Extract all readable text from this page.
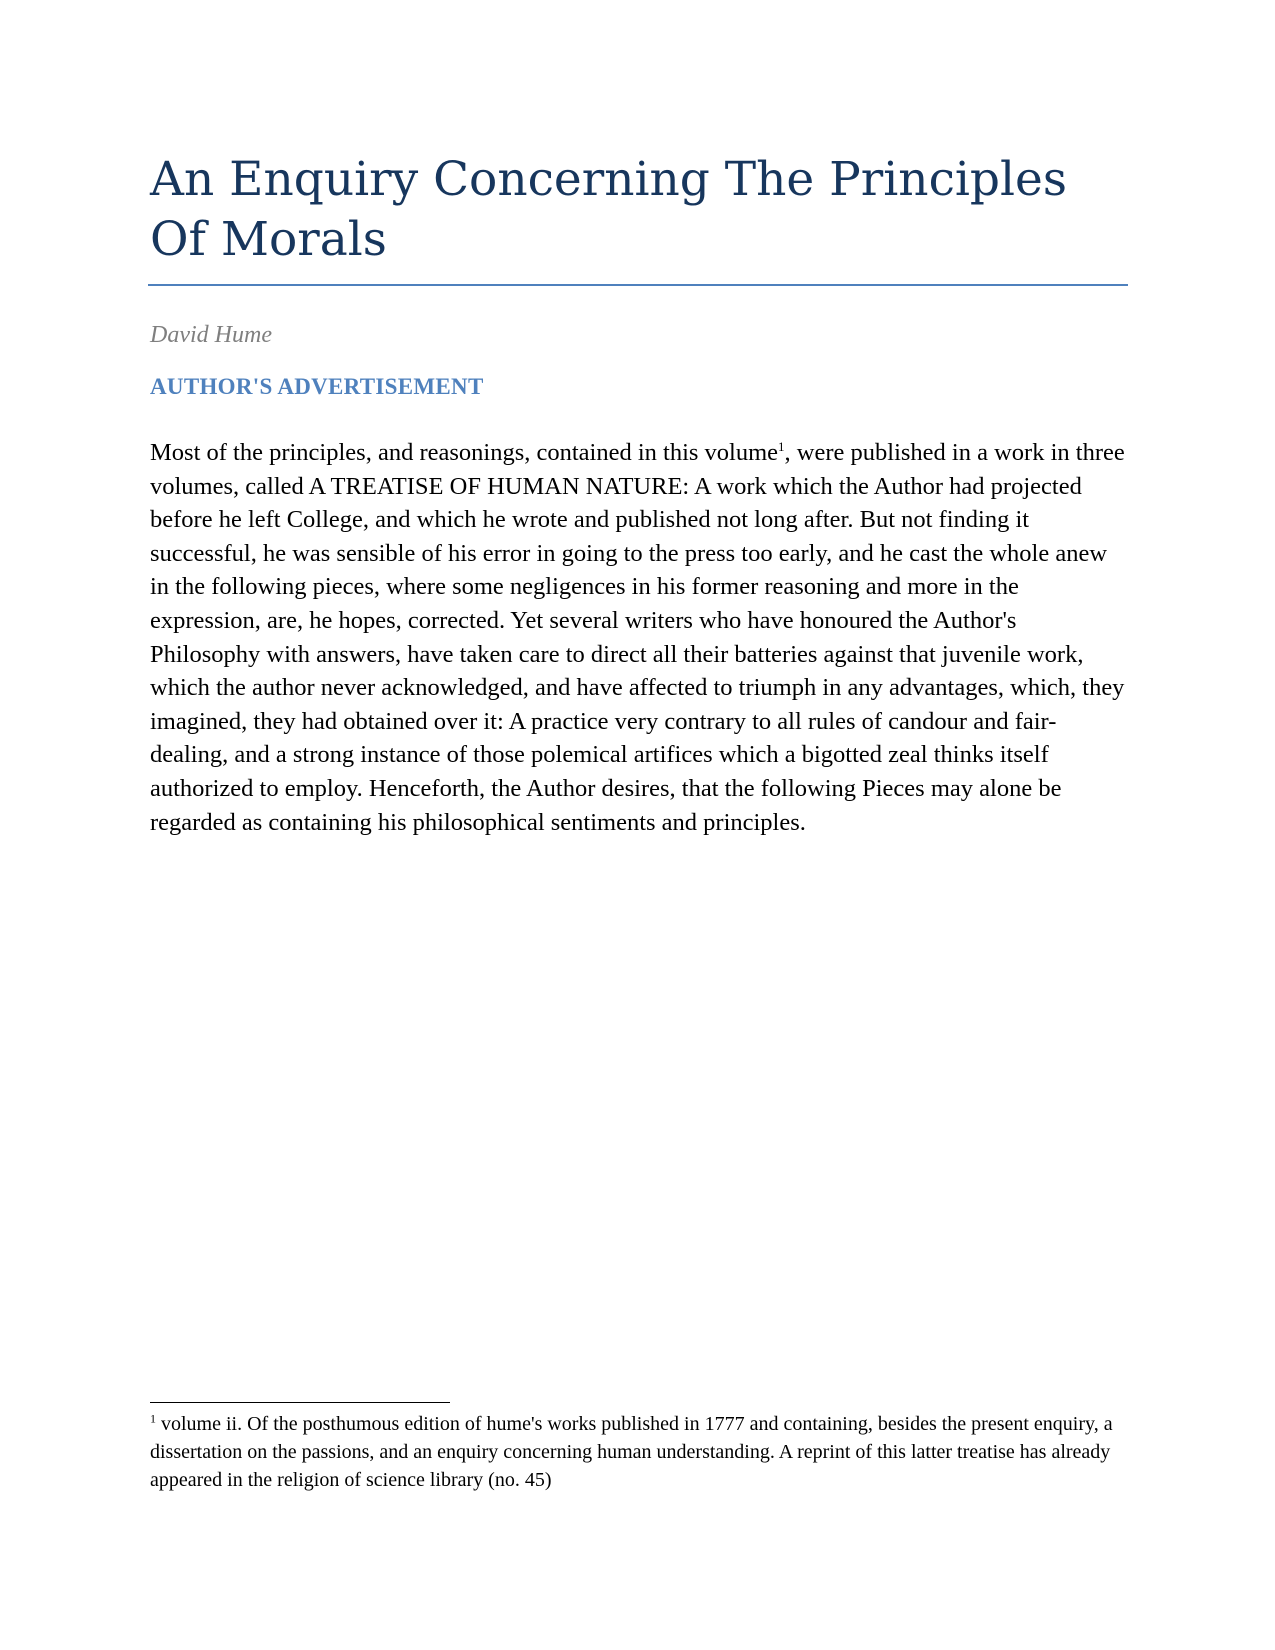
An Enquiry Concerning The Principles Of Morals
David Hume
AUTHOR'S ADVERTISEMENT

Most of the principles, and reasonings, contained in this volume$^1$, were published in a work in three volumes, called A TREATISE OF HUMAN NATURE: A work which the Author had projected before he left College, and which he wrote and published not long after. But not finding it successful, he was sensible of his error in going to the press too early, and he cast the whole anew in the following pieces, where some negligences in his former reasoning and more in the expression, are, he hopes, corrected. Yet several writers who have honoured the Author's Philosophy with answers, have taken care to direct all their batteries against that juvenile work, which the author never acknowledged, and have affected to triumph in any advantages, which, they imagined, they had obtained over it: A practice very contrary to all rules of candour and fair-dealing, and a strong instance of those polemical artifices which a bigotted zeal thinks itself authorized to employ. Henceforth, the Author desires, that the following Pieces may alone be regarded as containing his philosophical sentiments and principles.

$^1$ volume ii. Of the posthumous edition of hume's works published in 1777 and containing, besides the present enquiry, a dissertation on the passions, and an enquiry concerning human understanding. A reprint of this latter treatise has already appeared in the religion of science library (no. 45)
